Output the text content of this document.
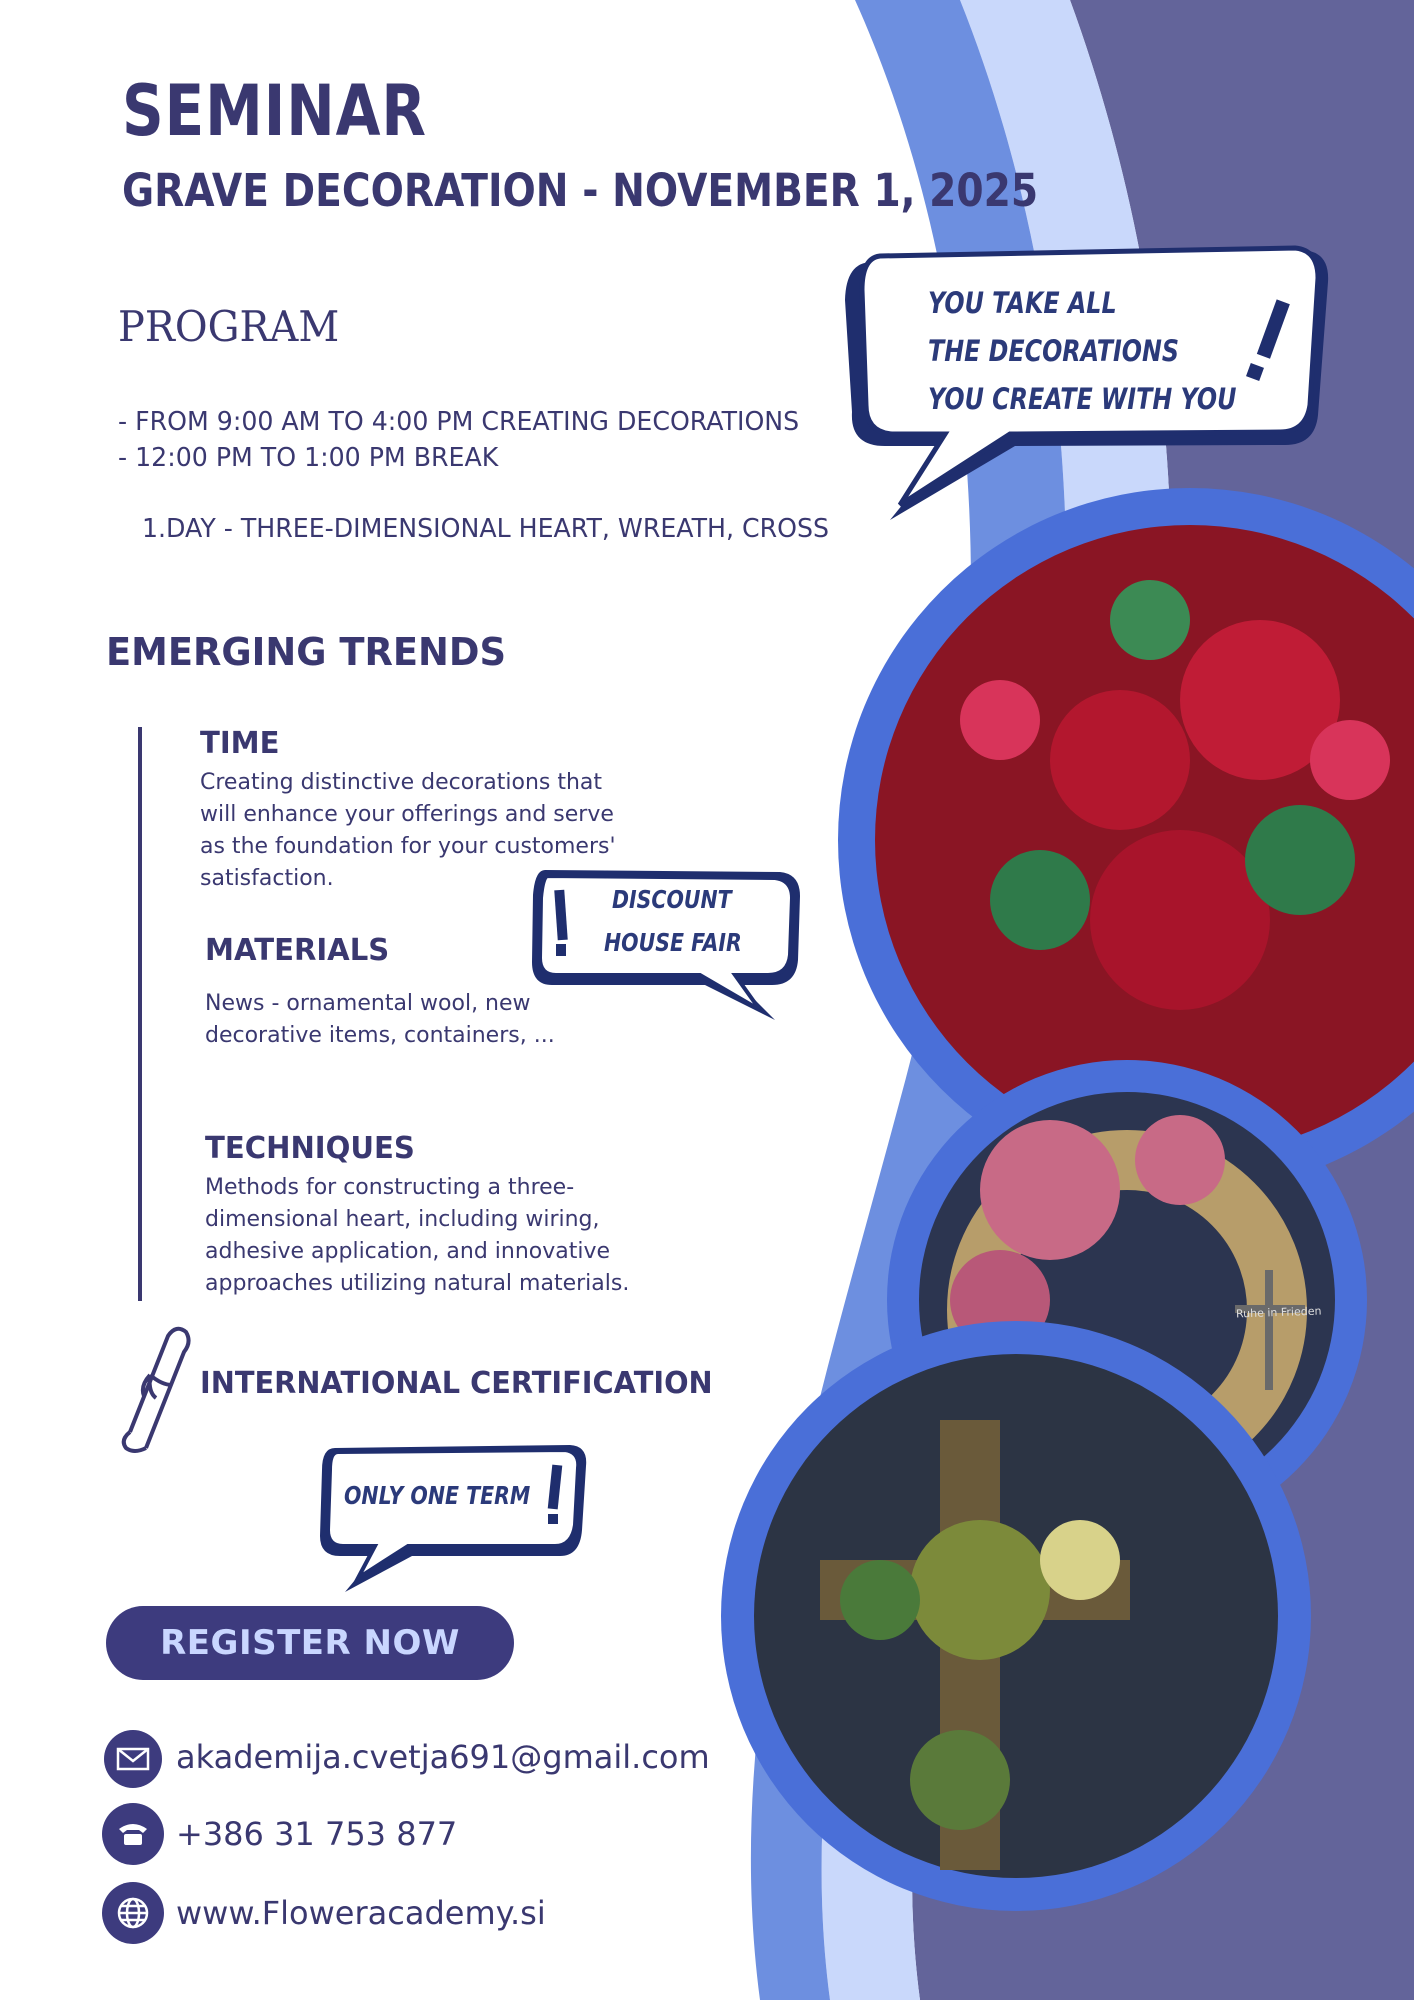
SEMINAR
GRAVE DECORATION - NOVEMBER 1, 2025
PROGRAM
- FROM 9:00 AM TO 4:00 PM CREATING DECORATIONS
- 12:00 PM TO 1:00 PM BREAK
1.DAY - THREE-DIMENSIONAL HEART, WREATH, CROSS
YOU TAKE ALL
THE DECORATIONS
YOU CREATE WITH YOU
DISCOUNT
HOUSE FAIR
ONLY ONE TERM
EMERGING TRENDS
TIME

Creating distinctive decorations that will enhance your offerings and serve as the foundation for your customers' satisfaction.

MATERIALS

News - ornamental wool, new decorative items, containers, ...

TECHNIQUES

Methods for constructing a three-dimensional heart, including wiring, adhesive application, and innovative approaches utilizing natural materials.

INTERNATIONAL CERTIFICATION
REGISTER NOW
akademija.cvetja691@gmail.com
+386 31 753 877
www.Floweracademy.si
Ruhe in Frieden
